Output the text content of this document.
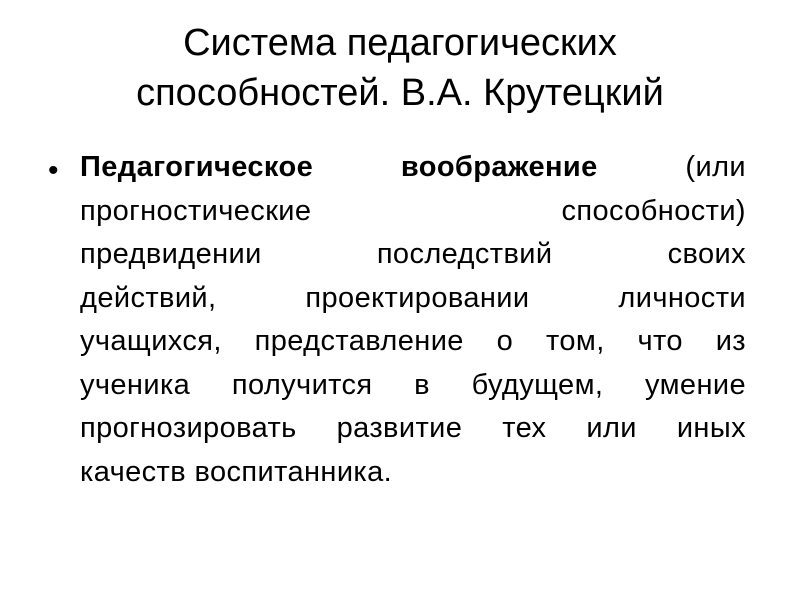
Система педагогических
способностей. В.А. Крутецкий
• Педагогическое	воображение	(или
прогностические	способности)
предвидении	последствий	своих
действий,	проектировании	личности
учащихся, представление о том, что из
ученика получится в будущем, умение
прогнозировать развитие тех или иных
качеств воспитанника.
